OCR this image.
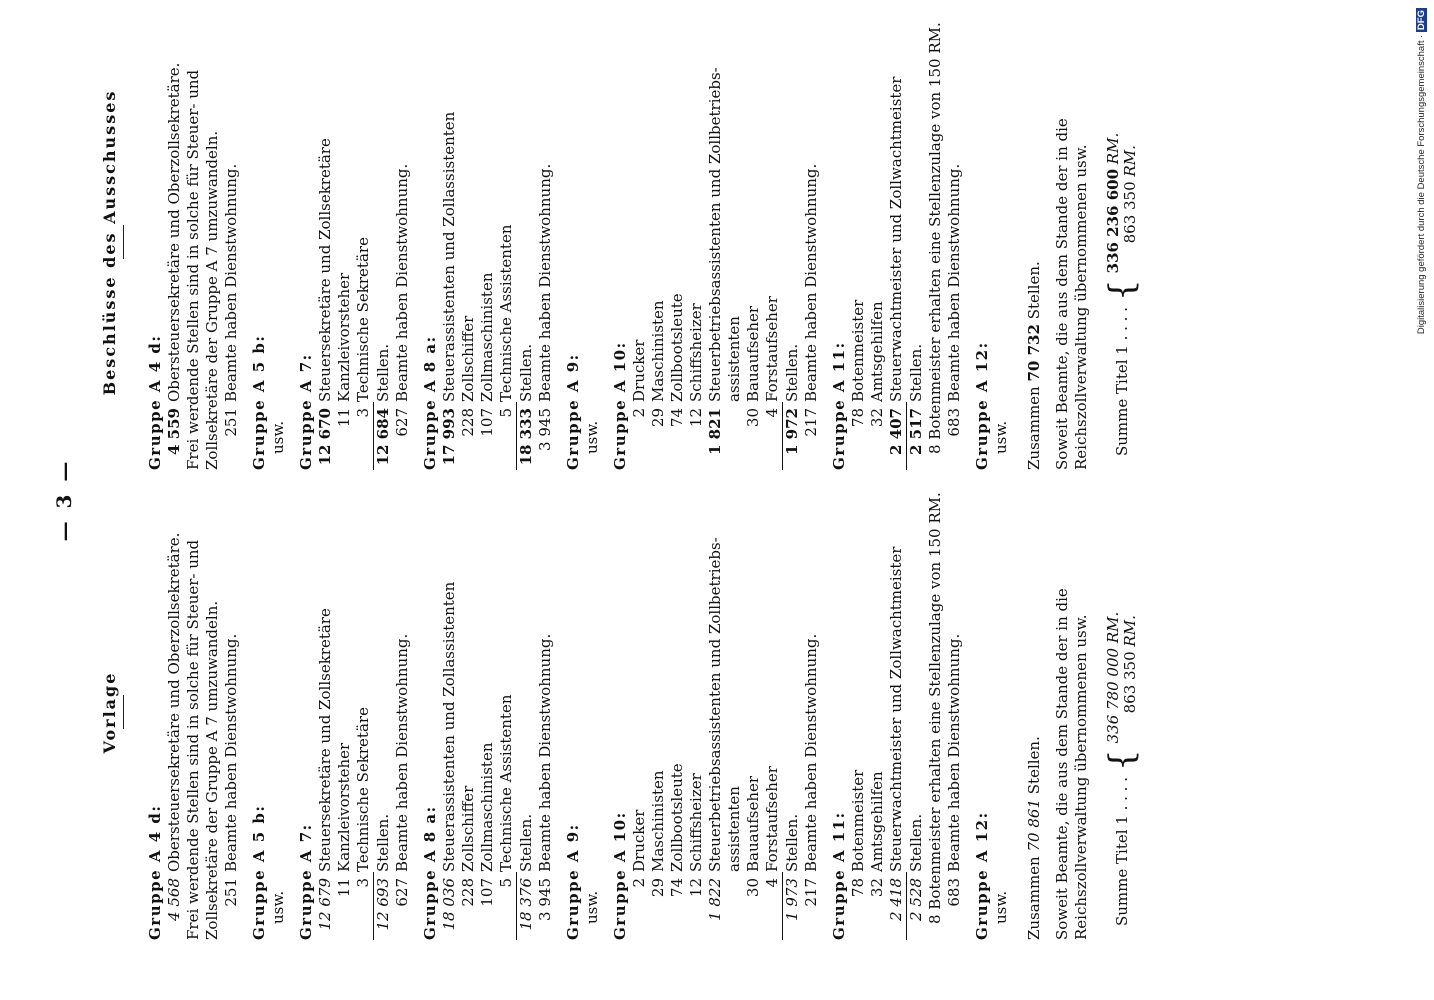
— 3 —
Vorlage
Gruppe A 4 d: 4 568
Obersteuersekretäre und Oberzollsekretäre. Frei werdende Stellen sind in solche für Steuer- und Zollsekretäre der Gruppe A 7 umzuwandeln. 251
Beamte haben Dienstwohnung.
Gruppe A 5 b: usw. Gruppe A 7: 12 679
Steuersekretäre und Zollsekretäre
11
Kanzleivorsteher
3
Technische Sekretäre
12 693
Stellen.
627
Beamte haben Dienstwohnung.
Gruppe A 8 a: 18 036
Steuerassistenten und Zollassistenten
228
Zollschiffer
107
Zollmaschinisten
5
Technische Assistenten
18 376
Stellen.
3 945
Beamte haben Dienstwohnung.
Gruppe A 9: usw. Gruppe A 10: 2
Drucker
29
Maschinisten
74
Zollbootsleute
12
Schiffsheizer
1 822
Steuerbetriebsassistenten und Zollbetriebs- assistenten
30
Bauaufseher
4
Forstaufseher
1 973
Stellen.
217
Beamte haben Dienstwohnung.
Gruppe A 11: 78
Botenmeister
32
Amtsgehilfen
2 418
Steuerwachtmeister und Zollwachtmeister
2 528
Stellen. 8 Botenmeister erhalten eine Stellenzulage von 150 RM. 683
Beamte haben Dienstwohnung.
Gruppe A 12: usw. Zusammen 70 861 Stellen. Soweit Beamte, die aus dem Stande der in die Reichszollverwaltung übernommenen usw. Summe Titel 1 . . . .
{
336 780 000 RM.
863 350 RM.
Beschlüsse des Ausschusses
Gruppe A 4 d: 4 559
Obersteuersekretäre und Oberzollsekretäre. Frei werdende Stellen sind in solche für Steuer- und Zollsekretäre der Gruppe A 7 umzuwandeln. 251
Beamte haben Dienstwohnung.
Gruppe A 5 b: usw. Gruppe A 7: 12 670
Steuersekretäre und Zollsekretäre
11
Kanzleivorsteher
3
Technische Sekretäre
12 684
Stellen.
627
Beamte haben Dienstwohnung.
Gruppe A 8 a: 17 993
Steuerassistenten und Zollassistenten
228
Zollschiffer
107
Zollmaschinisten
5
Technische Assistenten
18 333
Stellen.
3 945
Beamte haben Dienstwohnung.
Gruppe A 9: usw. Gruppe A 10: 2
Drucker
29
Maschinisten
74
Zollbootsleute
12
Schiffsheizer
1 821
Steuerbetriebsassistenten und Zollbetriebs- assistenten
30
Bauaufseher
4
Forstaufseher
1 972
Stellen.
217
Beamte haben Dienstwohnung.
Gruppe A 11: 78
Botenmeister
32
Amtsgehilfen
2 407
Steuerwachtmeister und Zollwachtmeister
2 517
Stellen. 8 Botenmeister erhalten eine Stellenzulage von 150 RM. 683
Beamte haben Dienstwohnung.
Gruppe A 12: usw. Zusammen 70 732 Stellen. Soweit Beamte, die aus dem Stande der in die Reichszollverwaltung übernommenen usw. Summe Titel 1 . . . .
{
336 236 600 RM.
863 350 RM.	Digitalisierung gefördert durch die Deutsche Forschungsgemeinschaft · DFG
